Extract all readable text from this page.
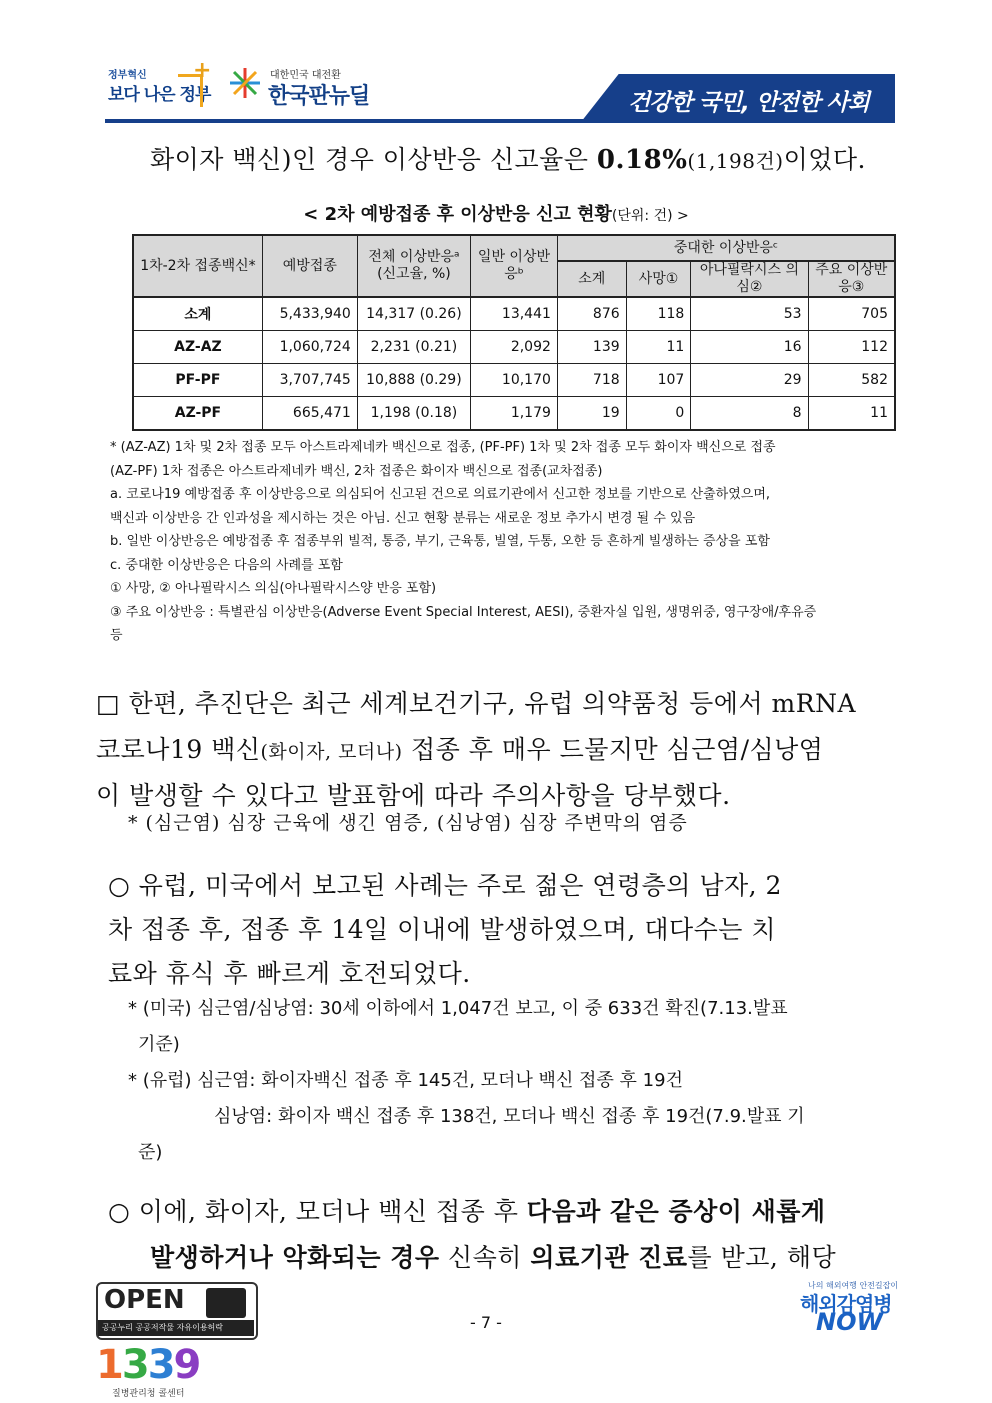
정부혁신
보다 나은 정부
+	대한민국 대전환
한국판뉴딜	건강한 국민, 안전한 사회
화이자 백신)인 경우 이상반응 신고율은 0.18%(1,198건)이었다.
< 2차 예방접종 후 이상반응 신고 현황(단위: 건) >
1차-2차 접종백신*	예방접종	전체 이상반응ᵃ (신고율, %)	일반 이상반응ᵇ	중대한 이상반응ᶜ			
				소계	사망①	아나필락시스 의심②	주요 이상반응③
소계	5,433,940	14,317 (0.26)	13,441	876	118	53	705
AZ-AZ	1,060,724	2,231 (0.21)	2,092	139	11	16	112
PF-PF	3,707,745	10,888 (0.29)	10,170	718	107	29	582
AZ-PF	665,471	1,198 (0.18)	1,179	19	0	8	11
* (AZ-AZ) 1차 및 2차 접종 모두 아스트라제네카 백신으로 접종, (PF-PF) 1차 및 2차 접종 모두 화이자 백신으로 접종
(AZ-PF) 1차 접종은 아스트라제네카 백신, 2차 접종은 화이자 백신으로 접종(교차접종)
a. 코로나19 예방접종 후 이상반응으로 의심되어 신고된 건으로 의료기관에서 신고한 정보를 기반으로 산출하였으며,
백신과 이상반응 간 인과성을 제시하는 것은 아님. 신고 현황 분류는 새로운 정보 추가시 변경 될 수 있음
b. 일반 이상반응은 예방접종 후 접종부위 빌적, 통증, 부기, 근육통, 빌열, 두통, 오한 등 흔하게 빌생하는 증상을 포함
c. 중대한 이상반응은 다음의 사례를 포함
① 사망, ② 아나필락시스 의심(아나필락시스양 반응 포함)
③ 주요 이상반응 : 특별관심 이상반응(Adverse Event Special Interest, AESI), 중환자실 입원, 생명위중, 영구장애/후유증
등
□ 한편, 추진단은 최근 세계보건기구, 유럽 의약품청 등에서 mRNA
코로나19 백신(화이자, 모더나) 접종 후 매우 드물지만 심근염/심낭염
이 발생할 수 있다고 발표함에 따라 주의사항을 당부했다.
* (심근염) 심장 근육에 생긴 염증, (심낭염) 심장 주변막의 염증
○ 유럽, 미국에서 보고된 사례는 주로 젊은 연령층의 남자, 2
차 접종 후, 접종 후 14일 이내에 발생하였으며, 대다수는 치
료와 휴식 후 빠르게 호전되었다.
* (미국) 심근염/심낭염: 30세 이하에서 1,047건 보고, 이 중 633건 확진(7.13.발표
기준)
* (유럽) 심근염: 화이자백신 접종 후 145건, 모더나 백신 접종 후 19건
심낭염: 화이자 백신 접종 후 138건, 모더나 백신 접종 후 19건(7.9.발표 기
준)
○ 이에, 화이자, 모더나 백신 접종 후 다음과 같은 증상이 새롭게
발생하거나 악화되는 경우 신속히 의료기관 진료를 받고, 해당
OPEN
공공누리 공공저작물 자유이용허락	- 7 -
1339
질병관리청 콜센터
나의 해외여행 안전길잡이
해외감염병
NOW
